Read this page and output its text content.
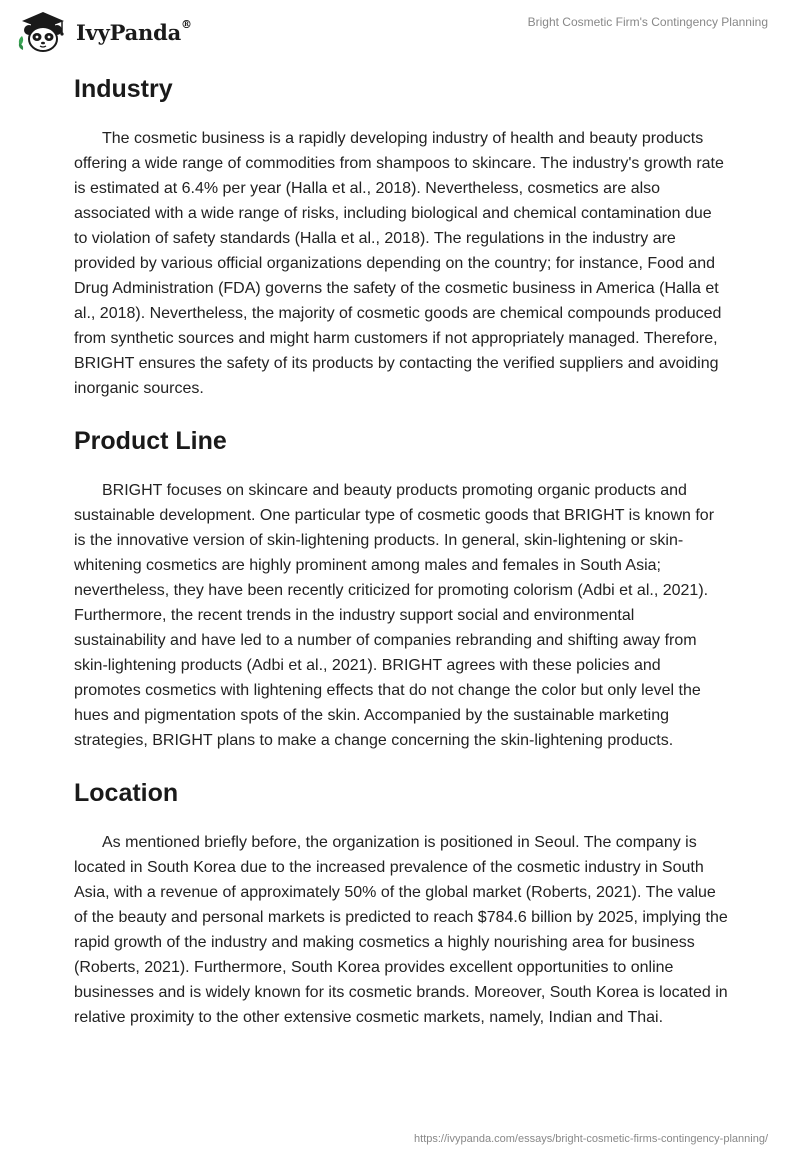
IvyPanda®	Bright Cosmetic Firm's Contingency Planning
Industry

The cosmetic business is a rapidly developing industry of health and beauty products offering a wide range of commodities from shampoos to skincare. The industry's growth rate is estimated at 6.4% per year (Halla et al., 2018). Nevertheless, cosmetics are also associated with a wide range of risks, including biological and chemical contamination due to violation of safety standards (Halla et al., 2018). The regulations in the industry are provided by various official organizations depending on the country; for instance, Food and Drug Administration (FDA) governs the safety of the cosmetic business in America (Halla et al., 2018). Nevertheless, the majority of cosmetic goods are chemical compounds produced from synthetic sources and might harm customers if not appropriately managed. Therefore, BRIGHT ensures the safety of its products by contacting the verified suppliers and avoiding inorganic sources.

Product Line

BRIGHT focuses on skincare and beauty products promoting organic products and sustainable development. One particular type of cosmetic goods that BRIGHT is known for is the innovative version of skin-lightening products. In general, skin-lightening or skin-whitening cosmetics are highly prominent among males and females in South Asia; nevertheless, they have been recently criticized for promoting colorism (Adbi et al., 2021). Furthermore, the recent trends in the industry support social and environmental sustainability and have led to a number of companies rebranding and shifting away from skin-lightening products (Adbi et al., 2021). BRIGHT agrees with these policies and promotes cosmetics with lightening effects that do not change the color but only level the hues and pigmentation spots of the skin. Accompanied by the sustainable marketing strategies, BRIGHT plans to make a change concerning the skin-lightening products.

Location

As mentioned briefly before, the organization is positioned in Seoul. The company is located in South Korea due to the increased prevalence of the cosmetic industry in South Asia, with a revenue of approximately 50% of the global market (Roberts, 2021). The value of the beauty and personal markets is predicted to reach $784.6 billion by 2025, implying the rapid growth of the industry and making cosmetics a highly nourishing area for business (Roberts, 2021). Furthermore, South Korea provides excellent opportunities to online businesses and is widely known for its cosmetic brands. Moreover, South Korea is located in relative proximity to the other extensive cosmetic markets, namely, Indian and Thai.

https://ivypanda.com/essays/bright-cosmetic-firms-contingency-planning/
